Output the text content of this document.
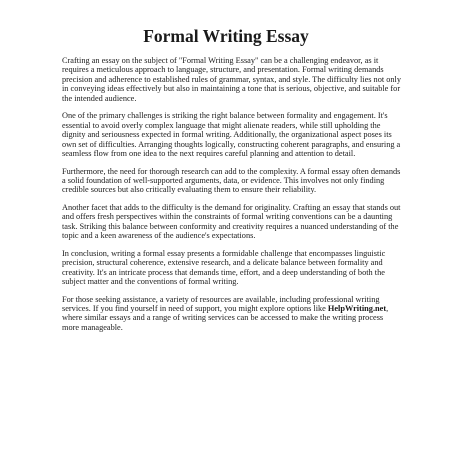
Formal Writing Essay

Crafting an essay on the subject of "Formal Writing Essay" can be a challenging endeavor, as it requires a meticulous approach to language, structure, and presentation. Formal writing demands precision and adherence to established rules of grammar, syntax, and style. The difficulty lies not only in conveying ideas effectively but also in maintaining a tone that is serious, objective, and suitable for the intended audience.

One of the primary challenges is striking the right balance between formality and engagement. It's essential to avoid overly complex language that might alienate readers, while still upholding the dignity and seriousness expected in formal writing. Additionally, the organizational aspect poses its own set of difficulties. Arranging thoughts logically, constructing coherent paragraphs, and ensuring a seamless flow from one idea to the next requires careful planning and attention to detail.

Furthermore, the need for thorough research can add to the complexity. A formal essay often demands a solid foundation of well-supported arguments, data, or evidence. This involves not only finding credible sources but also critically evaluating them to ensure their reliability.

Another facet that adds to the difficulty is the demand for originality. Crafting an essay that stands out and offers fresh perspectives within the constraints of formal writing conventions can be a daunting task. Striking this balance between conformity and creativity requires a nuanced understanding of the topic and a keen awareness of the audience's expectations.

In conclusion, writing a formal essay presents a formidable challenge that encompasses linguistic precision, structural coherence, extensive research, and a delicate balance between formality and creativity. It's an intricate process that demands time, effort, and a deep understanding of both the subject matter and the conventions of formal writing.

For those seeking assistance, a variety of resources are available, including professional writing services. If you find yourself in need of support, you might explore options like HelpWriting.net, where similar essays and a range of writing services can be accessed to make the writing process more manageable.
